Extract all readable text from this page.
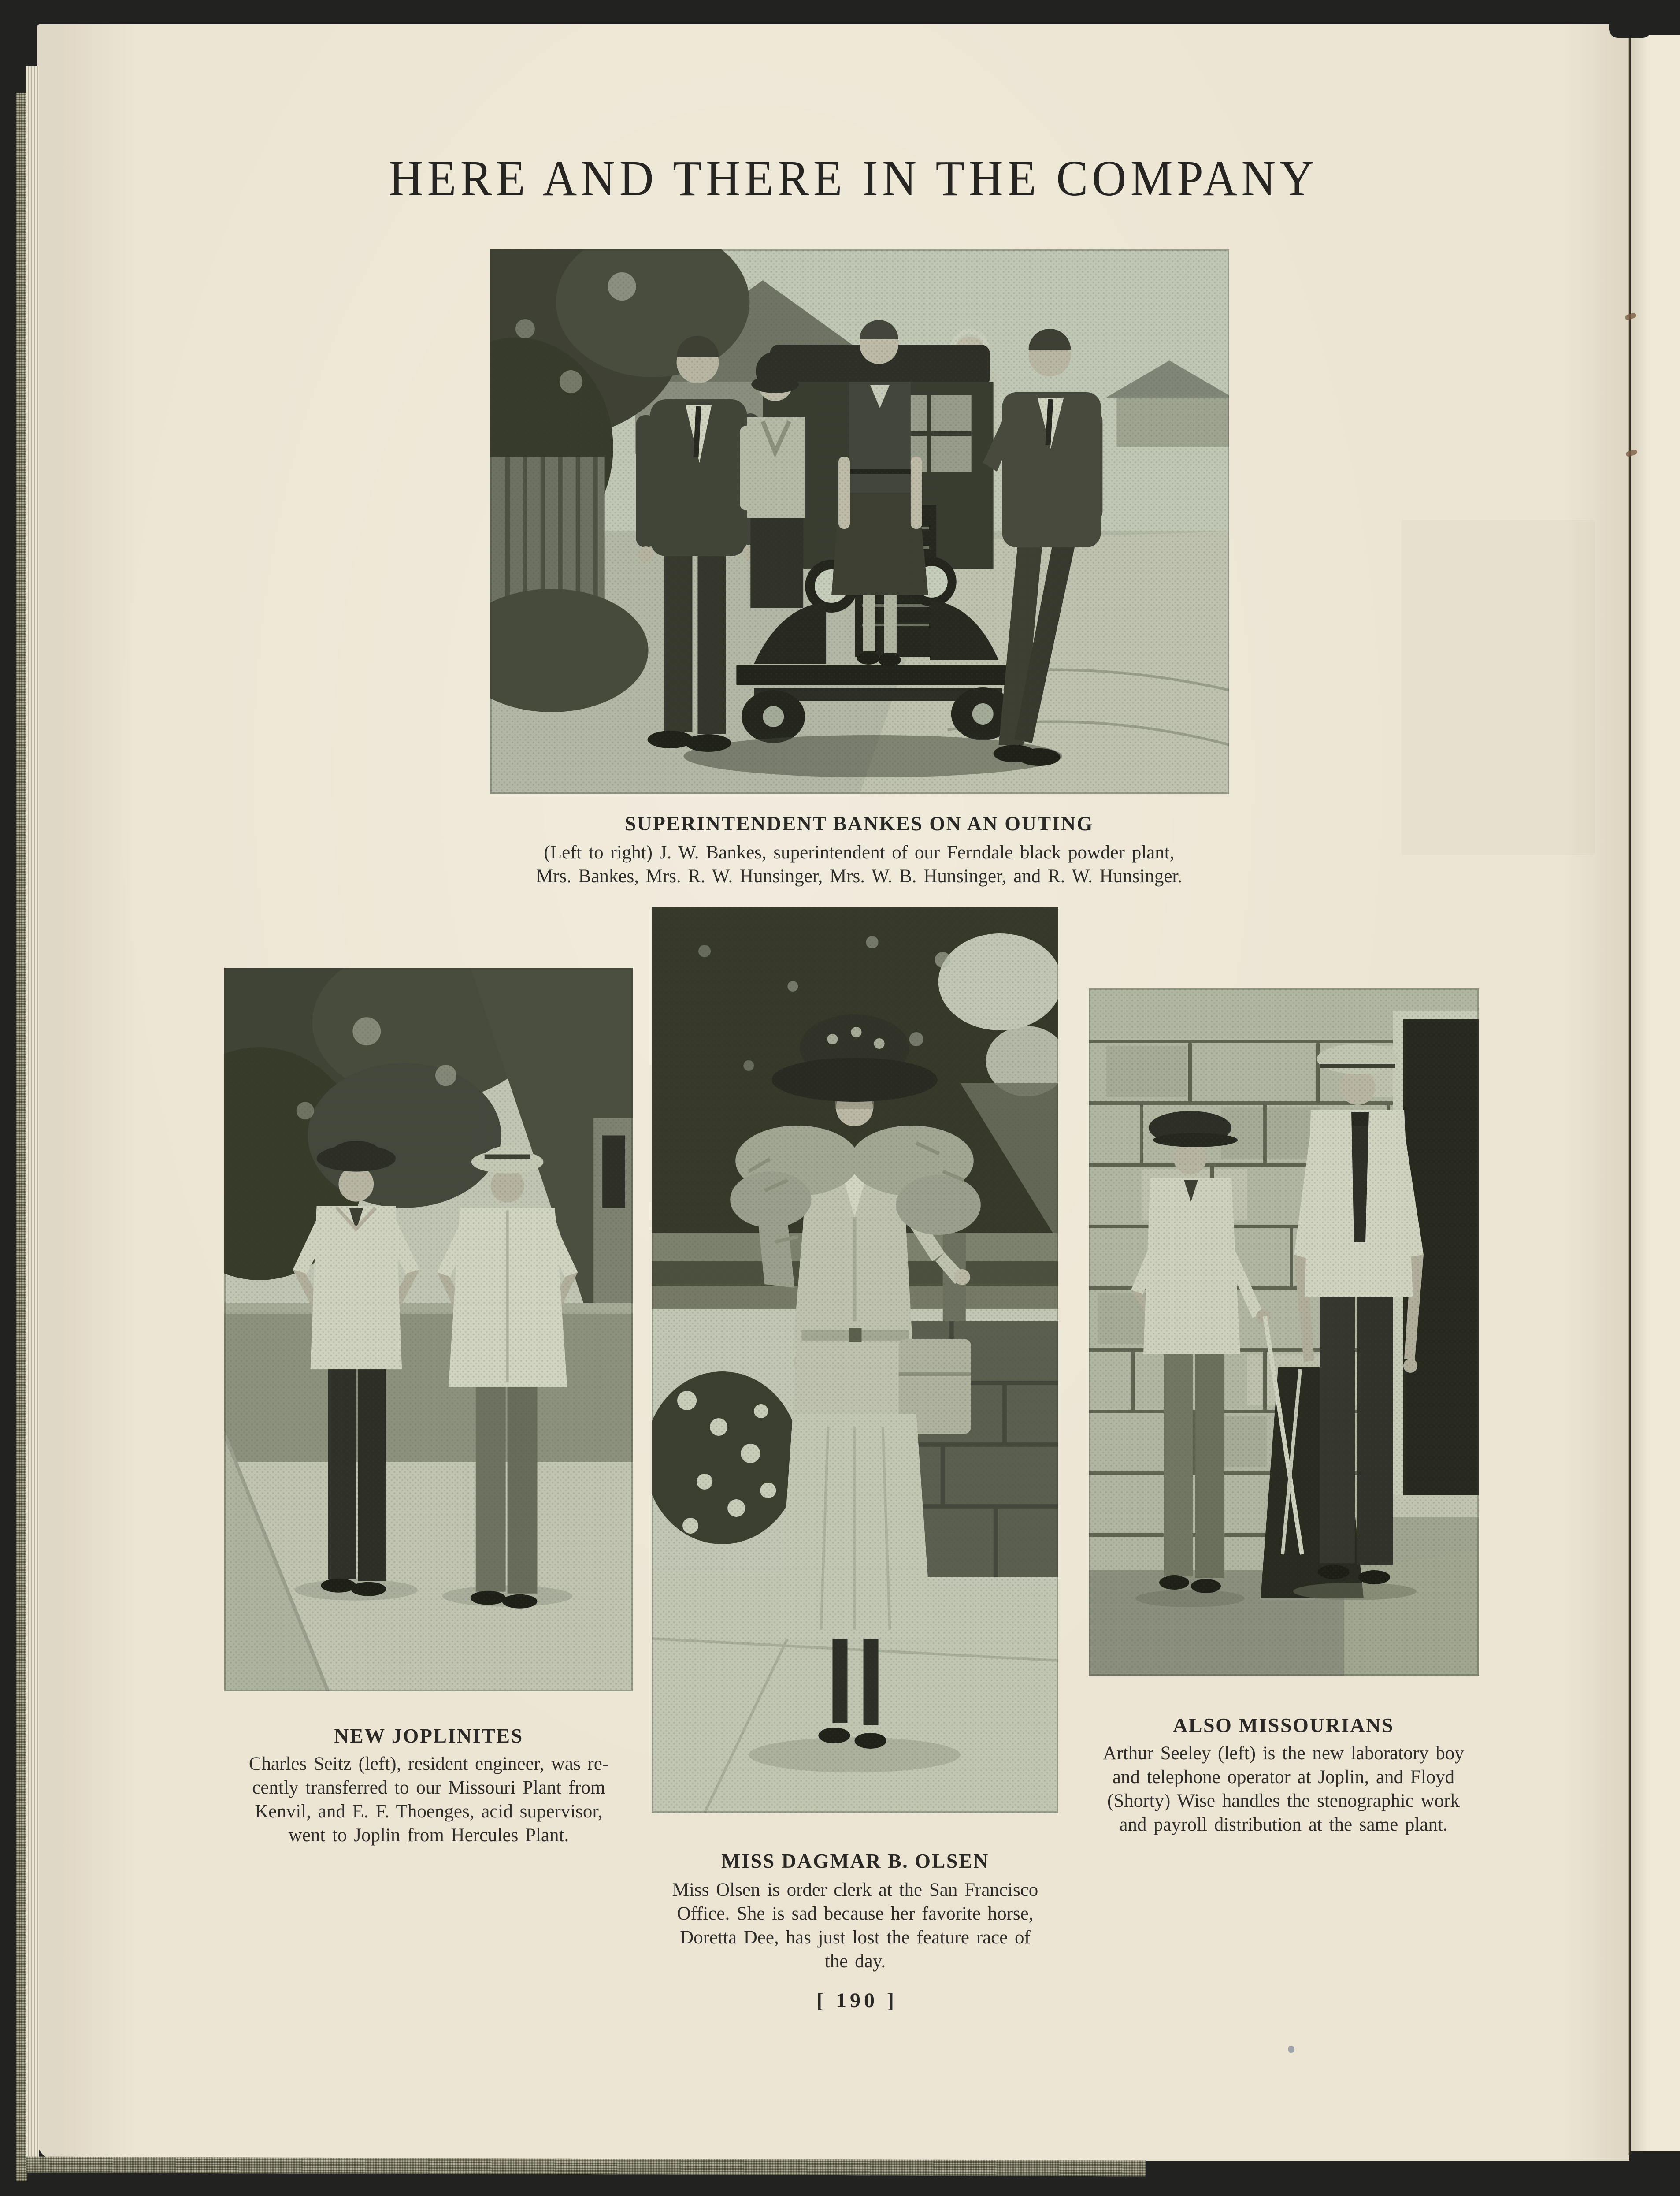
HERE AND THERE IN THE COMPANY
SUPERINTENDENT BANKES ON AN OUTING
(Left to right) J. W. Bankes, superintendent of our Ferndale black powder plant,
Mrs. Bankes, Mrs. R. W. Hunsinger, Mrs. W. B. Hunsinger, and R. W. Hunsinger.
NEW JOPLINITES
Charles Seitz (left), resident engineer, was re-
cently transferred to our Missouri Plant from
Kenvil, and E. F. Thoenges, acid supervisor,
went to Joplin from Hercules Plant.
ALSO MISSOURIANS
Arthur Seeley (left) is the new laboratory boy
and telephone operator at Joplin, and Floyd
(Shorty) Wise handles the stenographic work
and payroll distribution at the same plant.
MISS DAGMAR B. OLSEN
Miss Olsen is order clerk at the San Francisco
Office. She is sad because her favorite horse,
Doretta Dee, has just lost the feature race of
the day.
[ 190 ]
